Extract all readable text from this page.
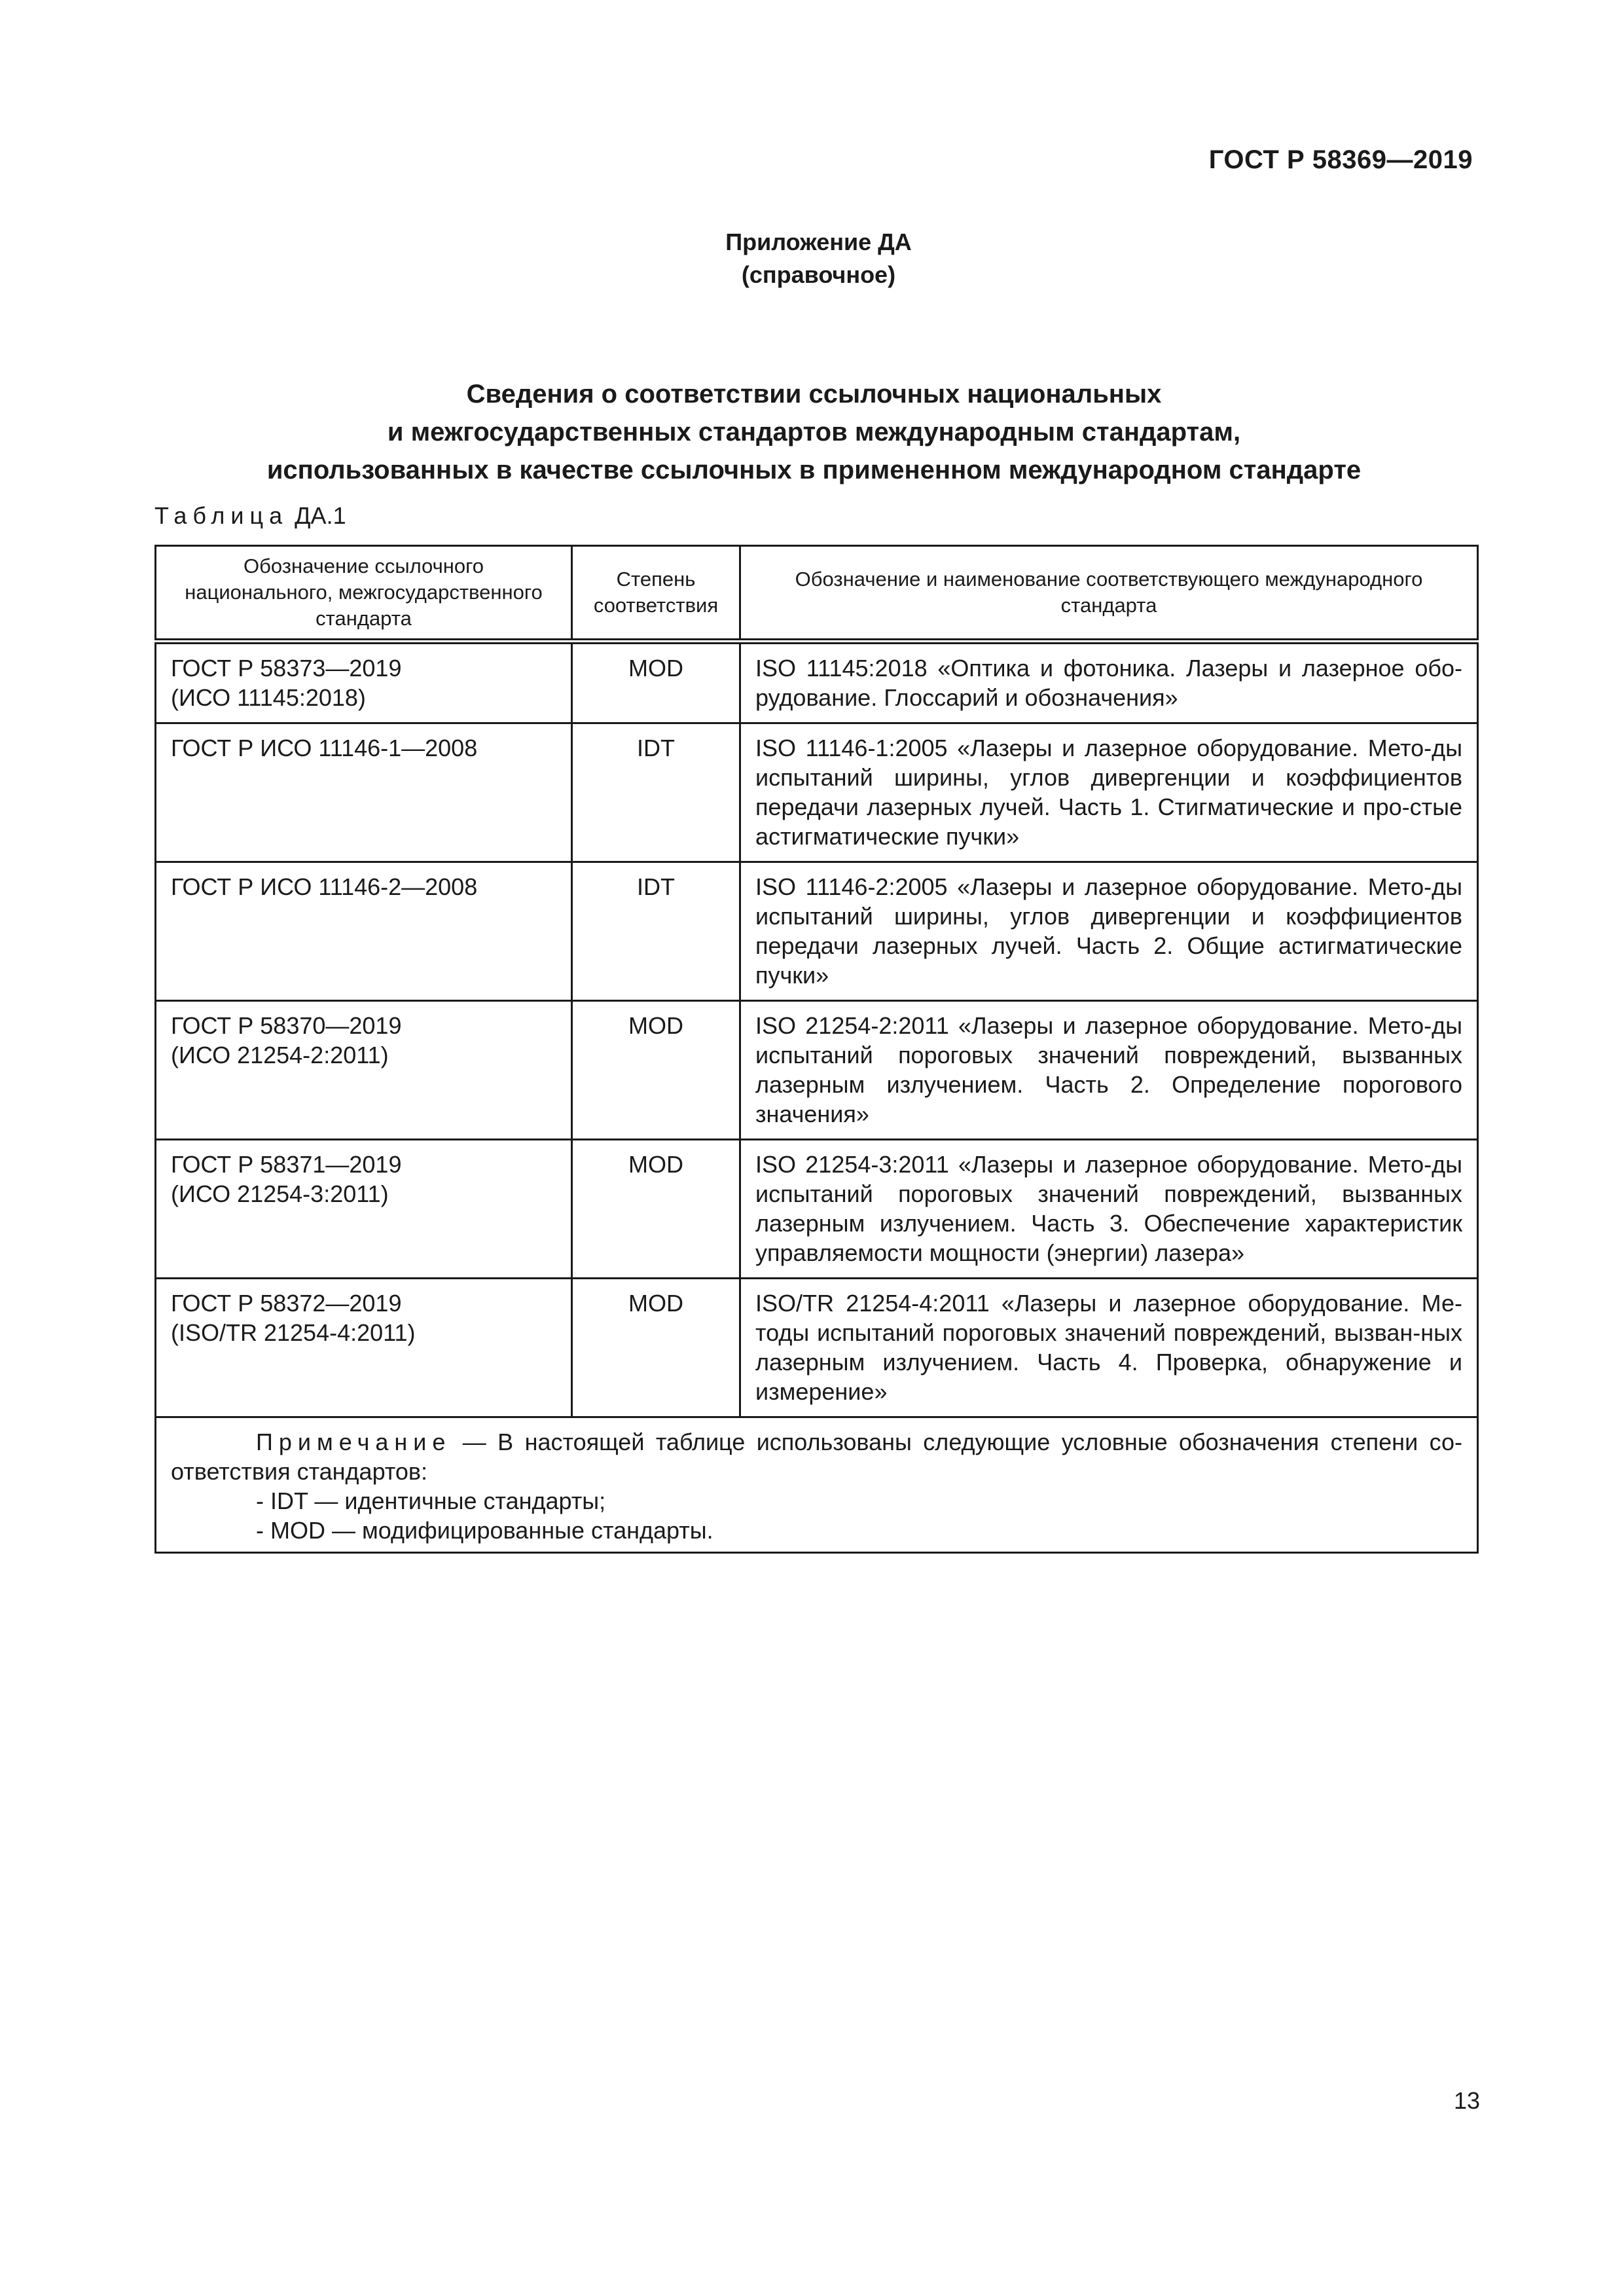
ГОСТ Р 58369—2019
Приложение ДА
(справочное)
Сведения о соответствии ссылочных национальных
и межгосударственных стандартов международным стандартам,
использованных в качестве ссылочных в примененном международном стандарте
Таблица ДА.1
Обозначение ссылочного национального, межгосударственного стандарта	Степень соответствия	Обозначение и наименование соответствующего международного стандарта
ГОСТ Р 58373—2019
(ИСО 11145:2018)	MOD	ISO 11145:2018 «Оптика и фотоника. Лазеры и лазерное обо-рудование. Глоссарий и обозначения»
ГОСТ Р ИСО 11146-1—2008	IDT	ISO 11146-1:2005 «Лазеры и лазерное оборудование. Мето-ды испытаний ширины, углов дивергенции и коэффициентов передачи лазерных лучей. Часть 1. Стигматические и про-стые астигматические пучки»
ГОСТ Р ИСО 11146-2—2008	IDT	ISO 11146-2:2005 «Лазеры и лазерное оборудование. Мето-ды испытаний ширины, углов дивергенции и коэффициентов передачи лазерных лучей. Часть 2. Общие астигматические пучки»
ГОСТ Р 58370—2019
(ИСО 21254-2:2011)	MOD	ISO 21254-2:2011 «Лазеры и лазерное оборудование. Мето-ды испытаний пороговых значений повреждений, вызванных лазерным излучением. Часть 2. Определение порогового значения»
ГОСТ Р 58371—2019
(ИСО 21254-3:2011)	MOD	ISO 21254-3:2011 «Лазеры и лазерное оборудование. Мето-ды испытаний пороговых значений повреждений, вызванных лазерным излучением. Часть 3. Обеспечение характеристик управляемости мощности (энергии) лазера»
ГОСТ Р 58372—2019
(ISO/TR 21254-4:2011)	MOD	ISO/TR 21254-4:2011 «Лазеры и лазерное оборудование. Ме-тоды испытаний пороговых значений повреждений, вызван-ных лазерным излучением. Часть 4. Проверка, обнаружение и измерение»

Примечание — В настоящей таблице использованы следующие условные обозначения степени со-ответствия стандартов:
- IDT — идентичные стандарты;
- MOD — модифицированные стандарты.		
13
